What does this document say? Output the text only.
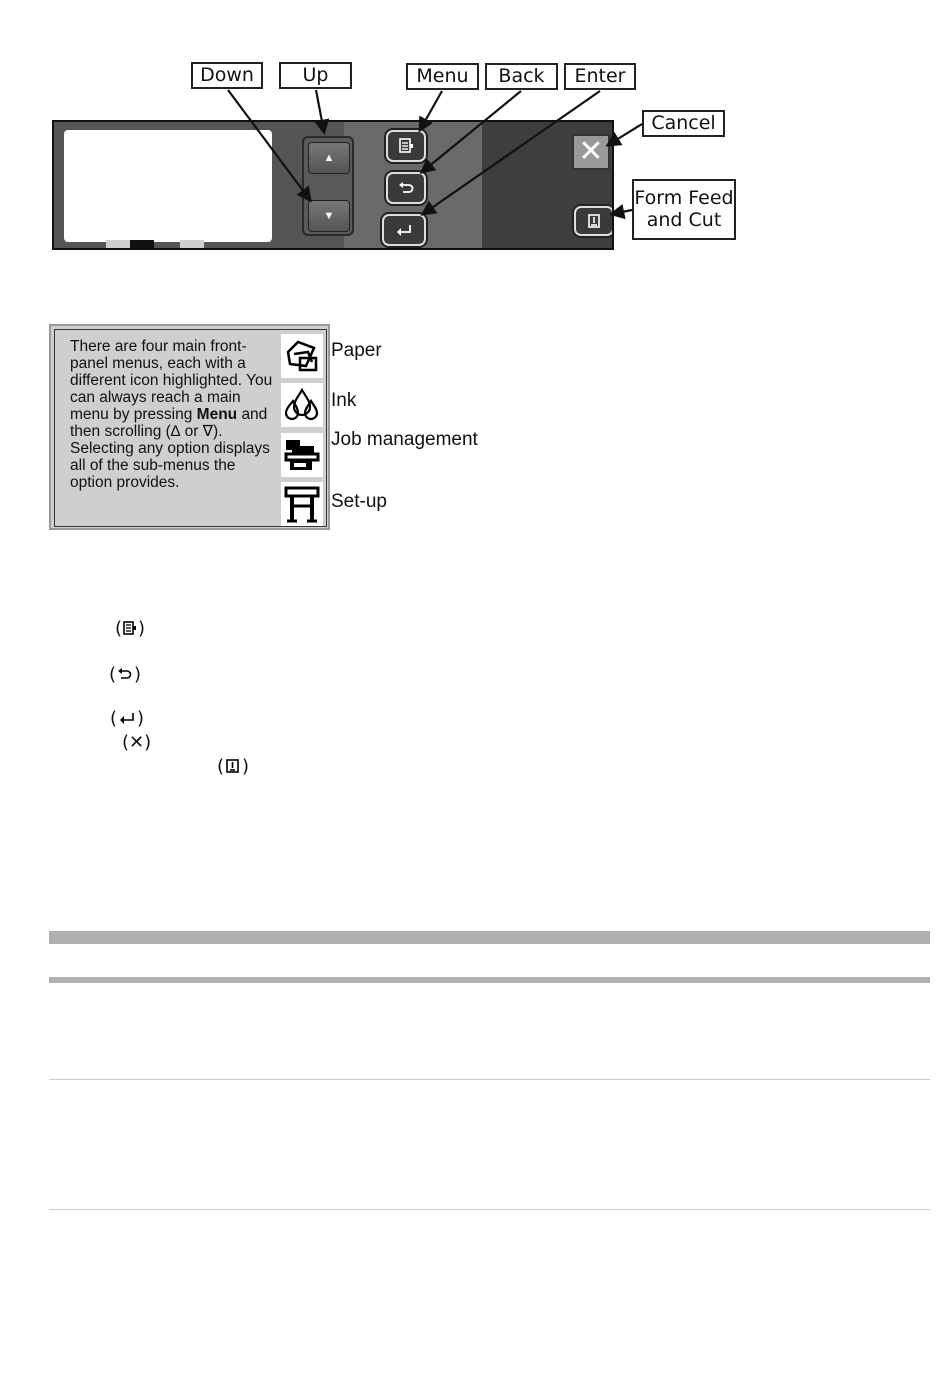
Down	Up	Menu	Back	Enter
Cancel
Form Feed
and Cut
▲
▼
✕
There are four main front-panel menus, each with a different icon highlighted. You can always reach a main menu by pressing Menu and then scrolling (∆ or ∇).
Selecting any option displays all of the sub-menus the option provides.
Paper
Ink
Job management
Set-up
( )
( )
( )
(✕)
( )
